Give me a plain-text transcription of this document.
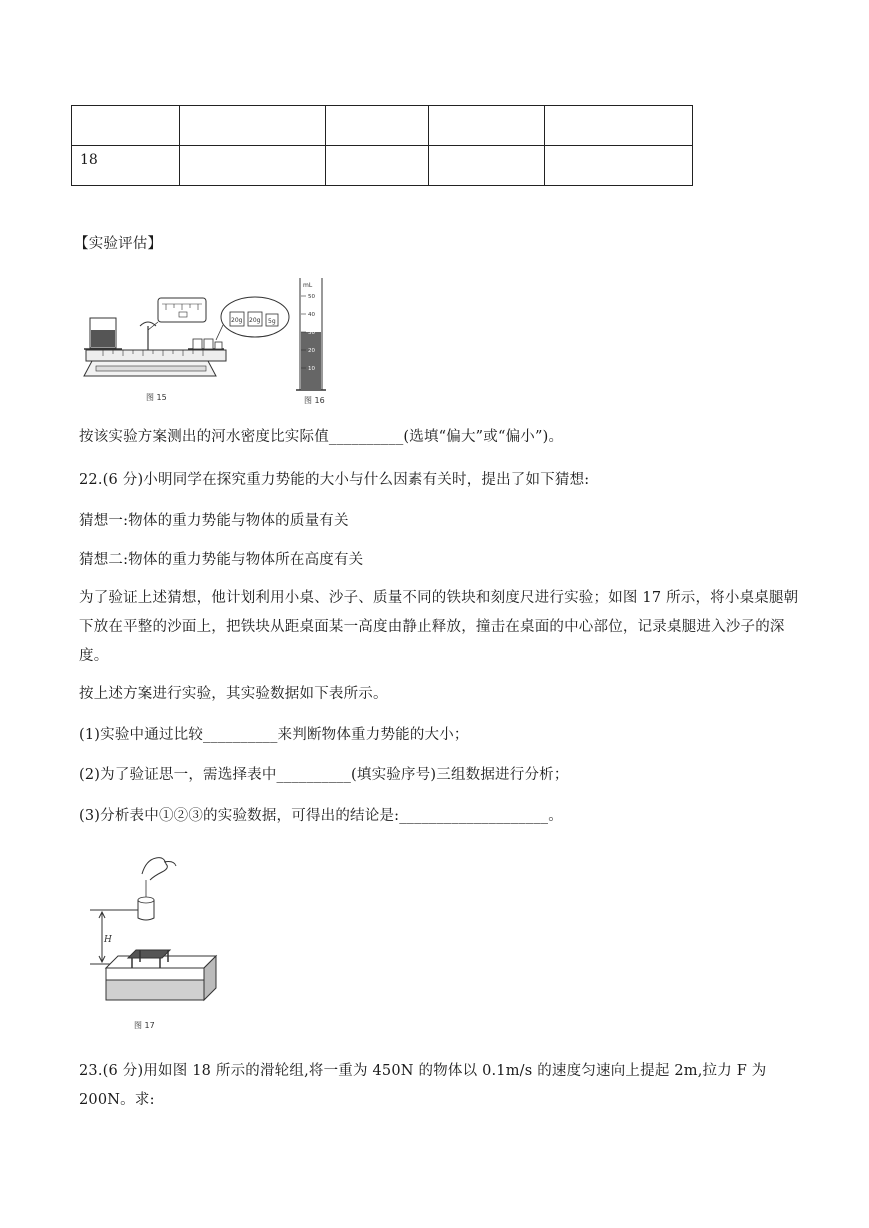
18				
【实验评估】
20g 20g 5g
图 15
mL
50
40
30
20
10
图 16
按该实验方案测出的河水密度比实际值__________(选填“偏大”或“偏小”)。
22.(6 分)小明同学在探究重力势能的大小与什么因素有关时，提出了如下猜想:
猜想一:物体的重力势能与物体的质量有关
猜想二:物体的重力势能与物体所在高度有关
为了验证上述猜想，他计划利用小桌、沙子、质量不同的铁块和刻度尺进行实验；如图 17 所示，将小桌桌腿朝下放在平整的沙面上，把铁块从距桌面某一高度由静止释放，撞击在桌面的中心部位，记录桌腿进入沙子的深度。
按上述方案进行实验，其实验数据如下表所示。
(1)实验中通过比较__________来判断物体重力势能的大小；
(2)为了验证思一，需选择表中__________(填实验序号)三组数据进行分析；
(3)分析表中①②③的实验数据，可得出的结论是:____________________。
H
图 17
23.(6 分)用如图 18 所示的滑轮组,将一重为 450N 的物体以 0.1m/s 的速度匀速向上提起 2m,拉力 F 为 200N。求:
